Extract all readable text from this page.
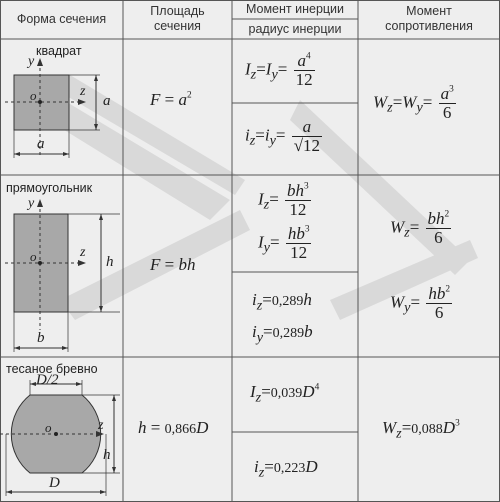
Форма сечения
Площадь
сечения
Момент инерции
радиус инерции
Момент
сопротивления
квадрат
y
z
o	a
a
$F = a^2$
$I_z=I_y= \frac{a^4}{12}$
$i_z=i_y= \frac{a}{√12}$
$W_z=W_y= \frac{a^3}{6}$
прямоугольник
y
z
o	h
b
F = bh
$I_z= \frac{bh^3}{12}$
$I_y= \frac{hb^3}{12}$
$i_z=0,289h$
$i_y=0,289b$
$W_z= \frac{bh^2}{6}$
$W_y= \frac{hb^2}{6}$
тесаное бревно
D/2
z
o
h
D
h = 0,866D
$I_z=0,039D^4$
$i_z=0,223D$
$W_z=0,088D^3$
